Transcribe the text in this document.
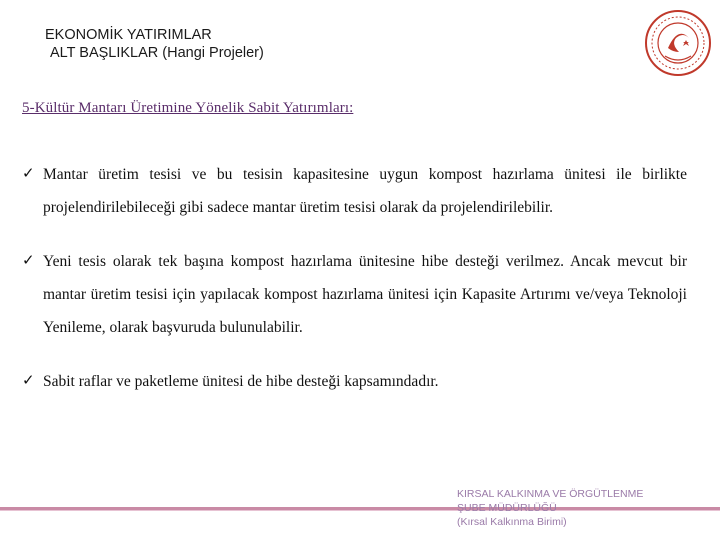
EKONOMİK YATIRIMLAR
ALT BAŞLIKLAR (Hangi Projeler)
5-Kültür Mantarı Üretimine Yönelik Sabit Yatırımları:
✓ Mantar üretim tesisi ve bu tesisin kapasitesine uygun kompost hazırlama ünitesi ile birlikte projelendirilebileceği gibi sadece mantar üretim tesisi olarak da projelendirilebilir.
✓ Yeni tesis olarak tek başına kompost hazırlama ünitesine hibe desteği verilmez. Ancak mevcut bir mantar üretim tesisi için yapılacak kompost hazırlama ünitesi için Kapasite Artırımı ve/veya Teknoloji Yenileme, olarak başvuruda bulunulabilir.
✓ Sabit raflar ve paketleme ünitesi de hibe desteği kapsamındadır.
KIRSAL KALKINMA VE ÖRGÜTLENME
ŞUBE MÜDÜRLÜĞÜ
(Kırsal Kalkınma Birimi)
